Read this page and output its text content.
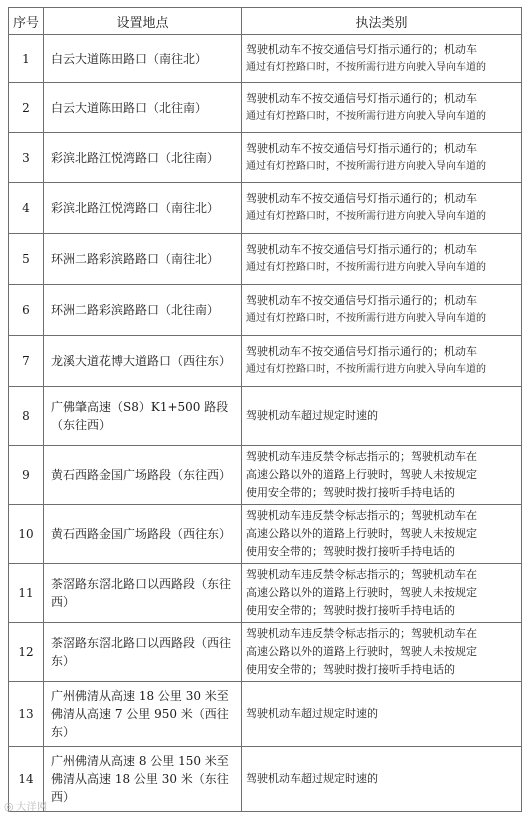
序号	设置地点	执法类别
1	白云大道陈田路口（南往北）	驾驶机动车不按交通信号灯指示通行的；机动车
通过有灯控路口时，不按所需行进方向驶入导向车道的

2	白云大道陈田路口（北往南）	驾驶机动车不按交通信号灯指示通行的；机动车
通过有灯控路口时，不按所需行进方向驶入导向车道的

3	彩滨北路江悦湾路口（北往南）	驾驶机动车不按交通信号灯指示通行的；机动车
通过有灯控路口时，不按所需行进方向驶入导向车道的

4	彩滨北路江悦湾路口（南往北）	驾驶机动车不按交通信号灯指示通行的；机动车
通过有灯控路口时，不按所需行进方向驶入导向车道的

5	环洲二路彩滨路路口（南往北）	驾驶机动车不按交通信号灯指示通行的；机动车
通过有灯控路口时，不按所需行进方向驶入导向车道的

6	环洲二路彩滨路路口（北往南）	驾驶机动车不按交通信号灯指示通行的；机动车
通过有灯控路口时，不按所需行进方向驶入导向车道的

7	龙溪大道花博大道路口（西往东）	驾驶机动车不按交通信号灯指示通行的；机动车
通过有灯控路口时，不按所需行进方向驶入导向车道的

8	广佛肇高速（S8）K1+500 路段（东往西）	驾驶机动车超过规定时速的

9	黄石西路金国广场路段（东往西）	驾驶机动车违反禁令标志指示的；驾驶机动车在
高速公路以外的道路上行驶时，驾驶人未按规定
使用安全带的；驾驶时拨打接听手持电话的

10	黄石西路金国广场路段（西往东）	驾驶机动车违反禁令标志指示的；驾驶机动车在
高速公路以外的道路上行驶时，驾驶人未按规定
使用安全带的；驾驶时拨打接听手持电话的

11	茶滘路东滘北路口以西路段（东往西）	驾驶机动车违反禁令标志指示的；驾驶机动车在
高速公路以外的道路上行驶时，驾驶人未按规定
使用安全带的；驾驶时拨打接听手持电话的

12	茶滘路东滘北路口以西路段（西往东）	驾驶机动车违反禁令标志指示的；驾驶机动车在
高速公路以外的道路上行驶时，驾驶人未按规定
使用安全带的；驾驶时拨打接听手持电话的

13	广州佛清从高速 18 公里 30 米至佛清从高速 7 公里 950 米（西往东）	驾驶机动车超过规定时速的

14	广州佛清从高速 8 公里 150 米至佛清从高速 18 公里 30 米（东往西）	驾驶机动车超过规定时速的
◎ 大洋网
